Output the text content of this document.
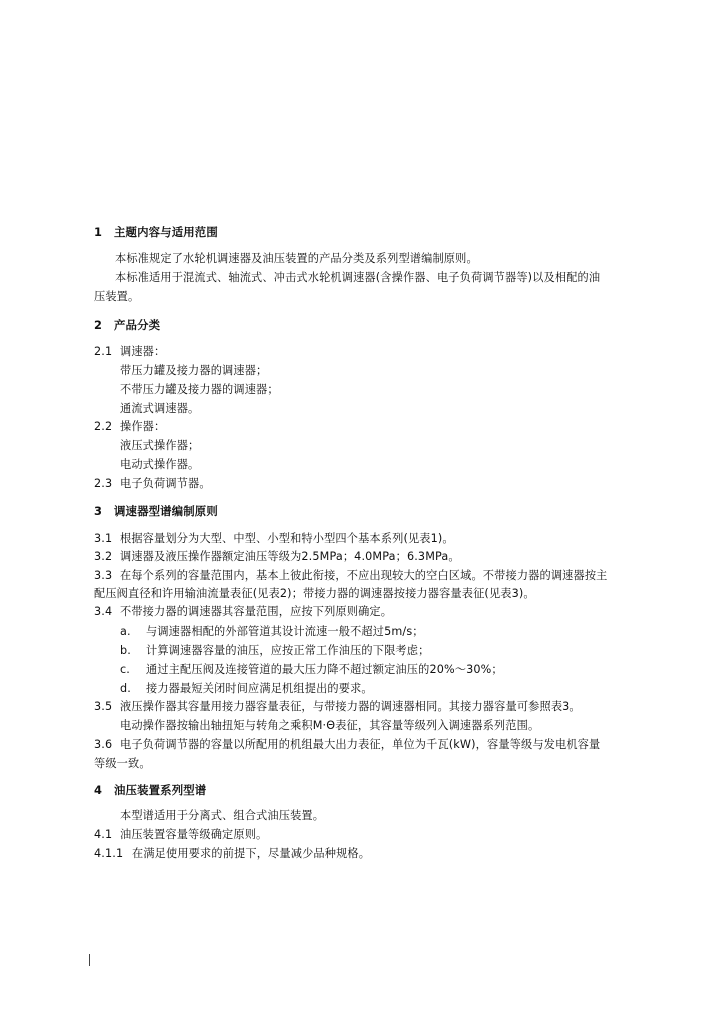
1 主题内容与适用范围
本标准规定了水轮机调速器及油压装置的产品分类及系列型谱编制原则。
本标准适用于混流式、轴流式、冲击式水轮机调速器(含操作器、电子负荷调节器等)以及相配的油
压装置。
2 产品分类
2.1 调速器：
带压力罐及接力器的调速器；
不带压力罐及接力器的调速器；
通流式调速器。
2.2 操作器：
液压式操作器；
电动式操作器。
2.3 电子负荷调节器。
3 调速器型谱编制原则
3.1 根据容量划分为大型、中型、小型和特小型四个基本系列(见表1)。
3.2 调速器及液压操作器额定油压等级为2.5MPa；4.0MPa；6.3MPa。
3.3 在每个系列的容量范围内，基本上彼此衔接，不应出现较大的空白区域。不带接力器的调速器按主
配压阀直径和许用输油流量表征(见表2)；带接力器的调速器按接力器容量表征(见表3)。
3.4 不带接力器的调速器其容量范围，应按下列原则确定。
a. 与调速器相配的外部管道其设计流速一般不超过5m/s；
b. 计算调速器容量的油压，应按正常工作油压的下限考虑；
c. 通过主配压阀及连接管道的最大压力降不超过额定油压的20%～30%；
d. 接力器最短关闭时间应满足机组提出的要求。
3.5 液压操作器其容量用接力器容量表征，与带接力器的调速器相同。其接力器容量可参照表3。
电动操作器按输出轴扭矩与转角之乘积M·Θ表征，其容量等级列入调速器系列范围。
3.6 电子负荷调节器的容量以所配用的机组最大出力表征，单位为千瓦(kW)，容量等级与发电机容量
等级一致。
4 油压装置系列型谱
本型谱适用于分离式、组合式油压装置。
4.1 油压装置容量等级确定原则。
4.1.1 在满足使用要求的前提下，尽量减少品种规格。
